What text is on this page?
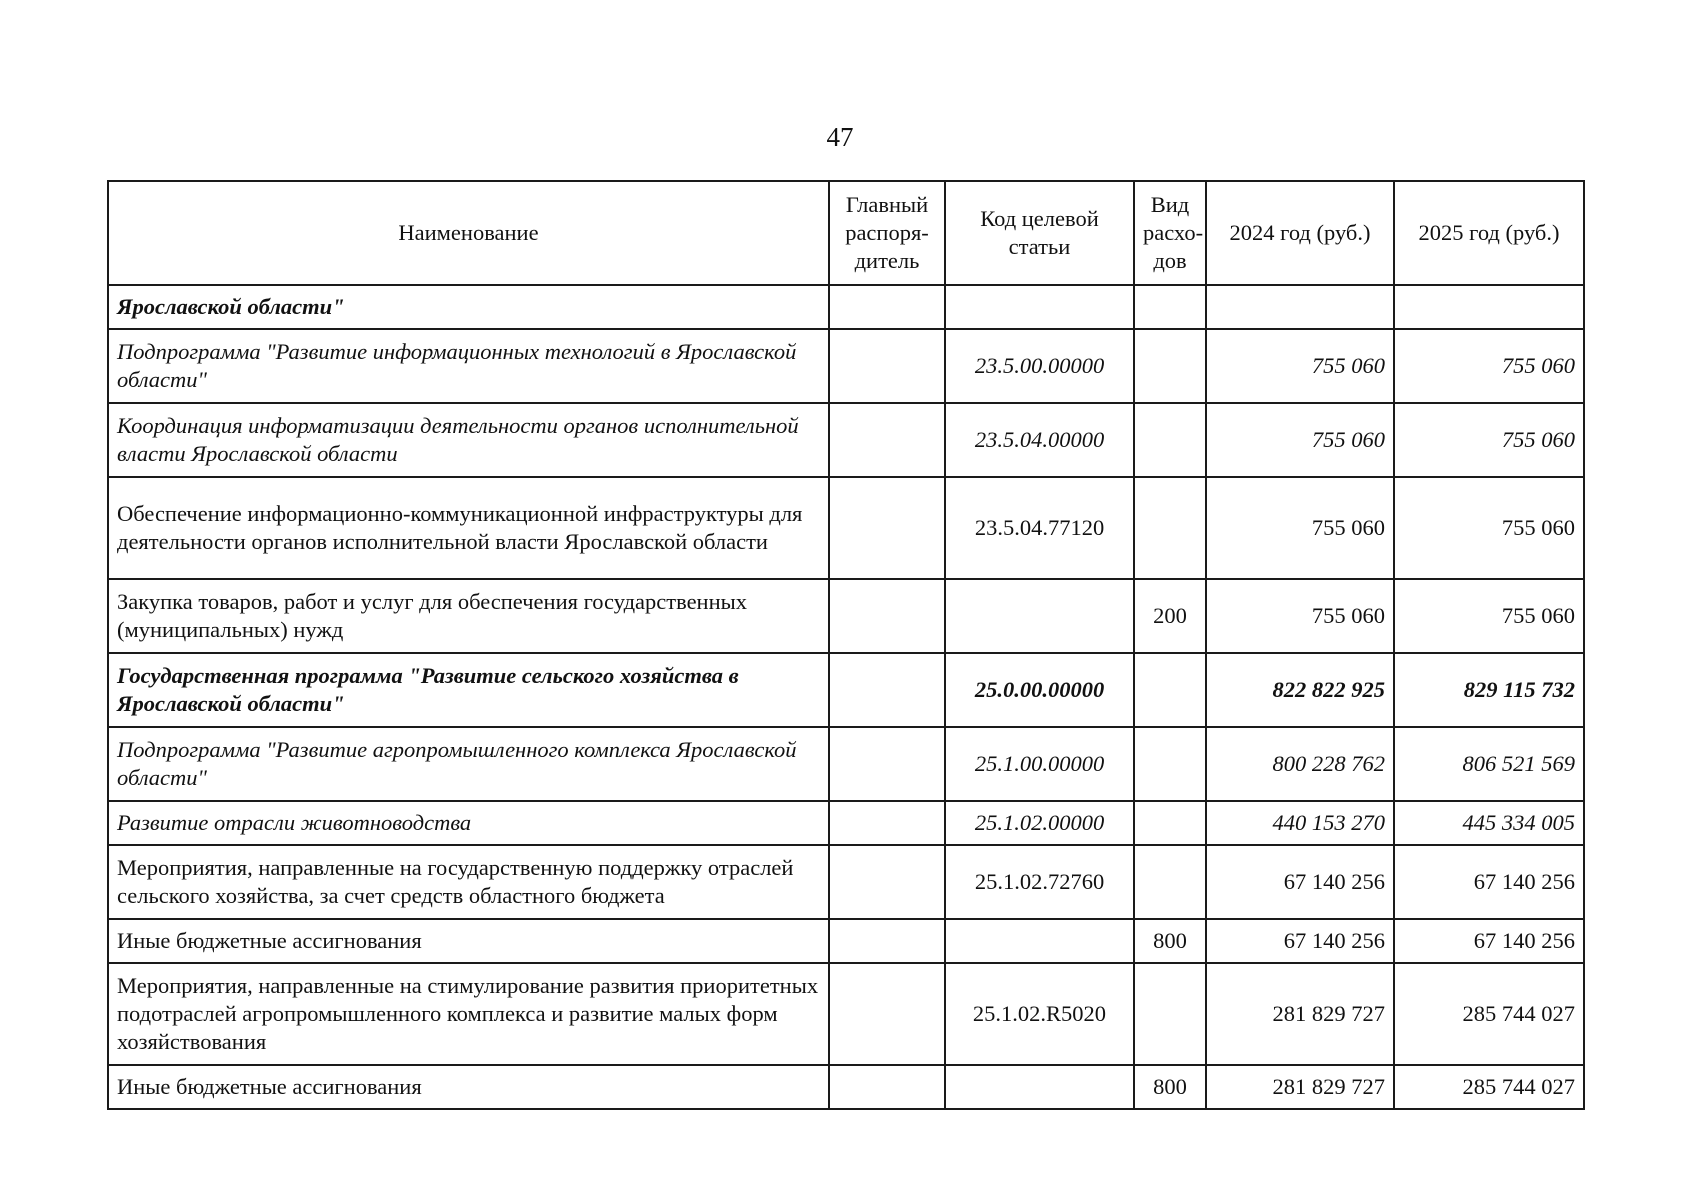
47
Наименование	Главный распоря-дитель	Код целевой статьи	Вид расхо-дов	2024 год (руб.)	2025 год (руб.)
Ярославской области"					
Подпрограмма "Развитие информационных технологий в Ярославской области"		23.5.00.00000		755 060	755 060
Координация информатизации деятельности органов исполнительной власти Ярославской области		23.5.04.00000		755 060	755 060
Обеспечение информационно-коммуникационной инфраструктуры для деятельности органов исполнительной власти Ярославской области		23.5.04.77120		755 060	755 060
Закупка товаров, работ и услуг для обеспечения государственных (муниципальных) нужд			200	755 060	755 060
Государственная программа "Развитие сельского хозяйства в Ярославской области"		25.0.00.00000		822 822 925	829 115 732
Подпрограмма "Развитие агропромышленного комплекса Ярославской области"		25.1.00.00000		800 228 762	806 521 569
Развитие отрасли животноводства		25.1.02.00000		440 153 270	445 334 005
Мероприятия, направленные на государственную поддержку отраслей сельского хозяйства, за счет средств областного бюджета		25.1.02.72760		67 140 256	67 140 256
Иные бюджетные ассигнования			800	67 140 256	67 140 256
Мероприятия, направленные на стимулирование развития приоритетных подотраслей агропромышленного комплекса и развитие малых форм хозяйствования		25.1.02.R5020		281 829 727	285 744 027
Иные бюджетные ассигнования			800	281 829 727	285 744 027
